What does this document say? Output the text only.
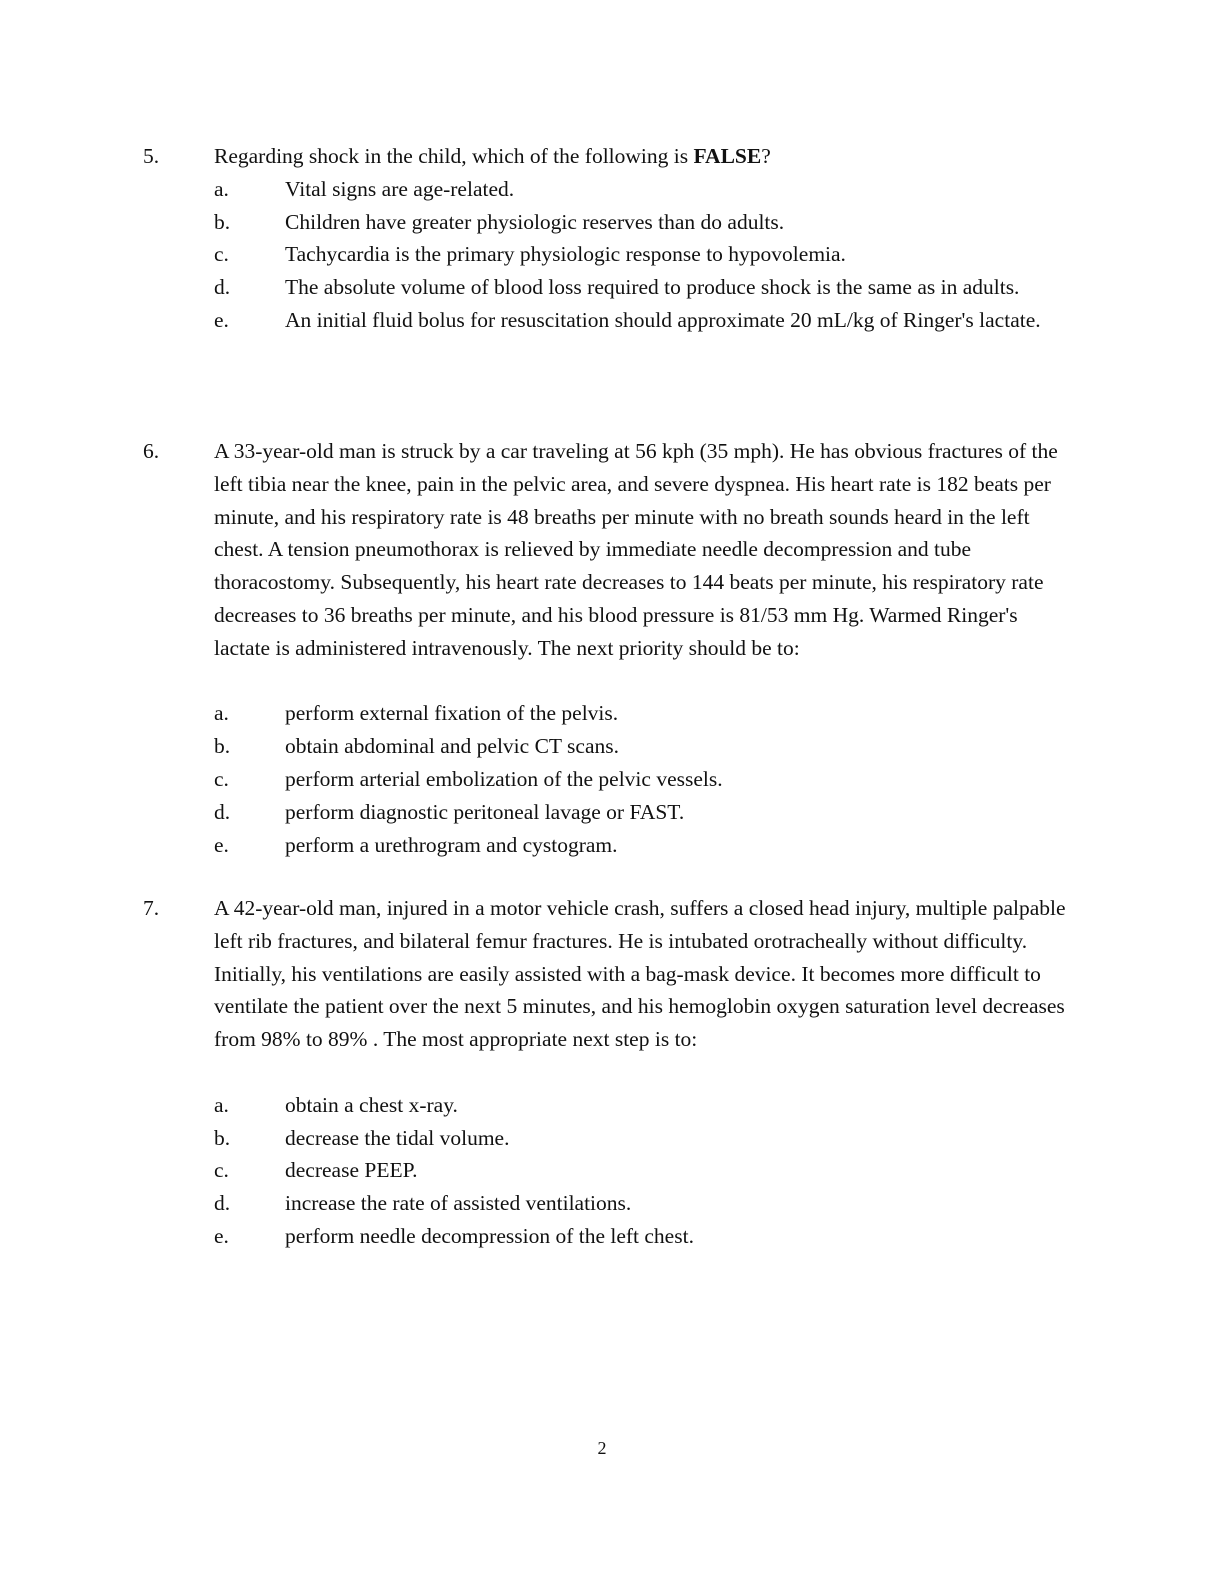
5.	Regarding shock in the child, which of the following is FALSE?
a.	Vital signs are age-related.
b.	Children have greater physiologic reserves than do adults.
c.	Tachycardia is the primary physiologic response to hypovolemia.
d.	The absolute volume of blood loss required to produce shock is the same as in adults.
e.	An initial fluid bolus for resuscitation should approximate 20 mL/kg of Ringer's lactate.
6.	A 33-year-old man is struck by a car traveling at 56 kph (35 mph). He has obvious fractures of the left tibia near the knee, pain in the pelvic area, and severe dyspnea. His heart rate is 182 beats per minute, and his respiratory rate is 48 breaths per minute with no breath sounds heard in the left chest. A tension pneumothorax is relieved by immediate needle decompression and tube thoracostomy. Subsequently, his heart rate decreases to 144 beats per minute, his respiratory rate decreases to 36 breaths per minute, and his blood pressure is 81/53 mm Hg. Warmed Ringer's lactate is administered intravenously. The next priority should be to:
a.	perform external fixation of the pelvis.
b.	obtain abdominal and pelvic CT scans.
c.	perform arterial embolization of the pelvic vessels.
d.	perform diagnostic peritoneal lavage or FAST.
e.	perform a urethrogram and cystogram.
7.	A 42-year-old man, injured in a motor vehicle crash, suffers a closed head injury, multiple palpable left rib fractures, and bilateral femur fractures. He is intubated orotracheally without difficulty. Initially, his ventilations are easily assisted with a bag-mask device. It becomes more difficult to ventilate the patient over the next 5 minutes, and his hemoglobin oxygen saturation level decreases from 98% to 89% . The most appropriate next step is to:
a.	obtain a chest x-ray.
b.	decrease the tidal volume.
c.	decrease PEEP.
d.	increase the rate of assisted ventilations.
e.	perform needle decompression of the left chest.
2
